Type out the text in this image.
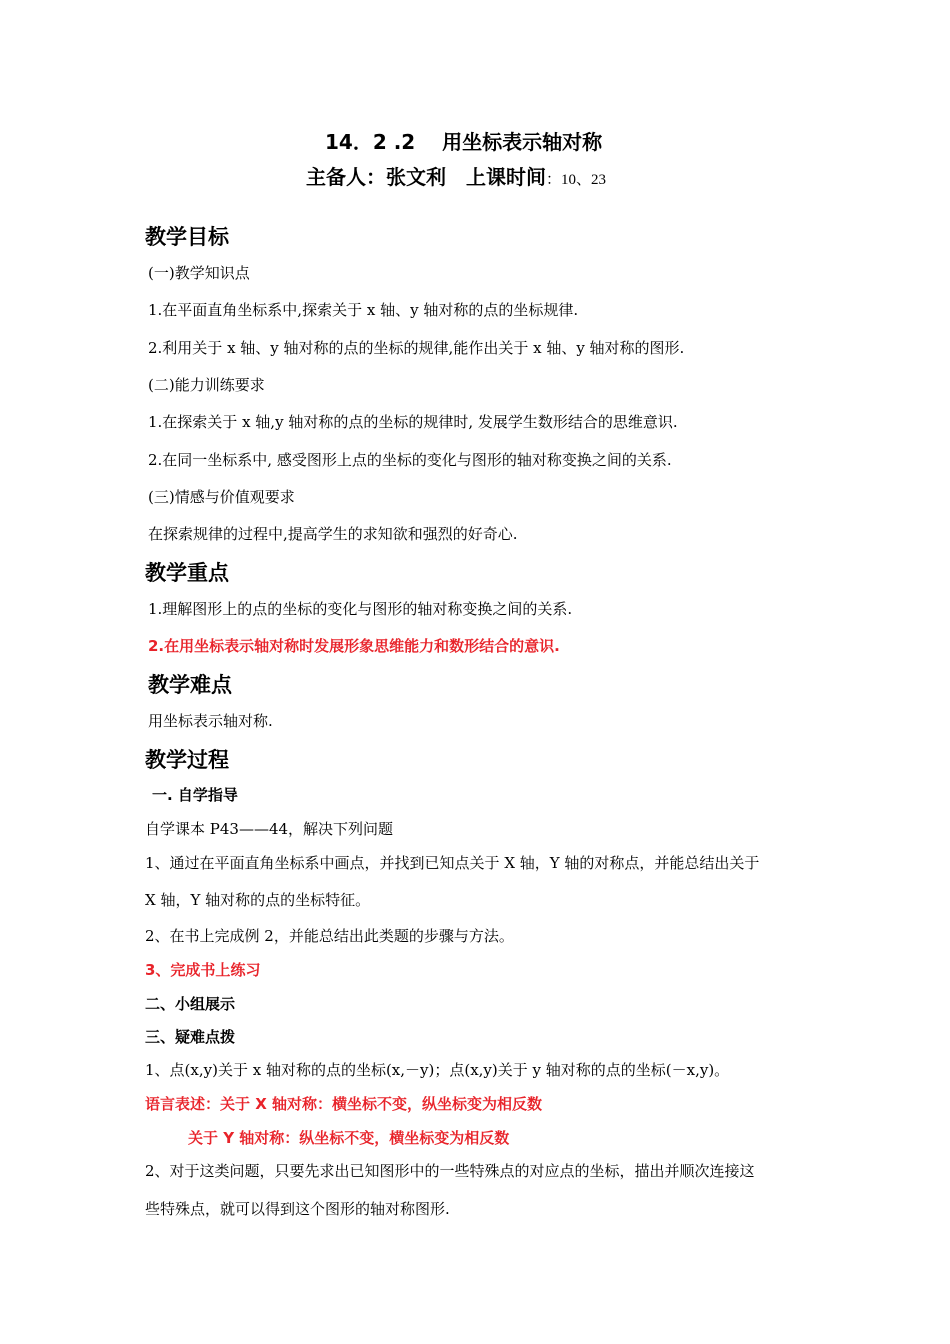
14．2 .2　 用坐标表示轴对称
主备人：张文利　上课时间：10、23
教学目标
(一)教学知识点
1.在平面直角坐标系中,探索关于 x 轴、y 轴对称的点的坐标规律.
2.利用关于 x 轴、y 轴对称的点的坐标的规律,能作出关于 x 轴、y 轴对称的图形.
(二)能力训练要求
1.在探索关于 x 轴,y 轴对称的点的坐标的规律时, 发展学生数形结合的思维意识.
2.在同一坐标系中, 感受图形上点的坐标的变化与图形的轴对称变换之间的关系.
(三)情感与价值观要求
在探索规律的过程中,提高学生的求知欲和强烈的好奇心.
教学重点
1.理解图形上的点的坐标的变化与图形的轴对称变换之间的关系.
2.在用坐标表示轴对称时发展形象思维能力和数形结合的意识.
教学难点
用坐标表示轴对称.
教学过程
一. 自学指导
自学课本 P43——44，解决下列问题
1、通过在平面直角坐标系中画点，并找到已知点关于 X 轴，Y 轴的对称点，并能总结出关于
X 轴，Y 轴对称的点的坐标特征。
2、在书上完成例 2，并能总结出此类题的步骤与方法。
3、完成书上练习
二、小组展示
三、疑难点拨
1、点(x,y)关于 x 轴对称的点的坐标(x,－y)；点(x,y)关于 y 轴对称的点的坐标(－x,y)。
语言表述：关于 X 轴对称：横坐标不变，纵坐标变为相反数
关于 Y 轴对称：纵坐标不变，横坐标变为相反数
2、对于这类问题，只要先求出已知图形中的一些特殊点的对应点的坐标，描出并顺次连接这
些特殊点，就可以得到这个图形的轴对称图形.
